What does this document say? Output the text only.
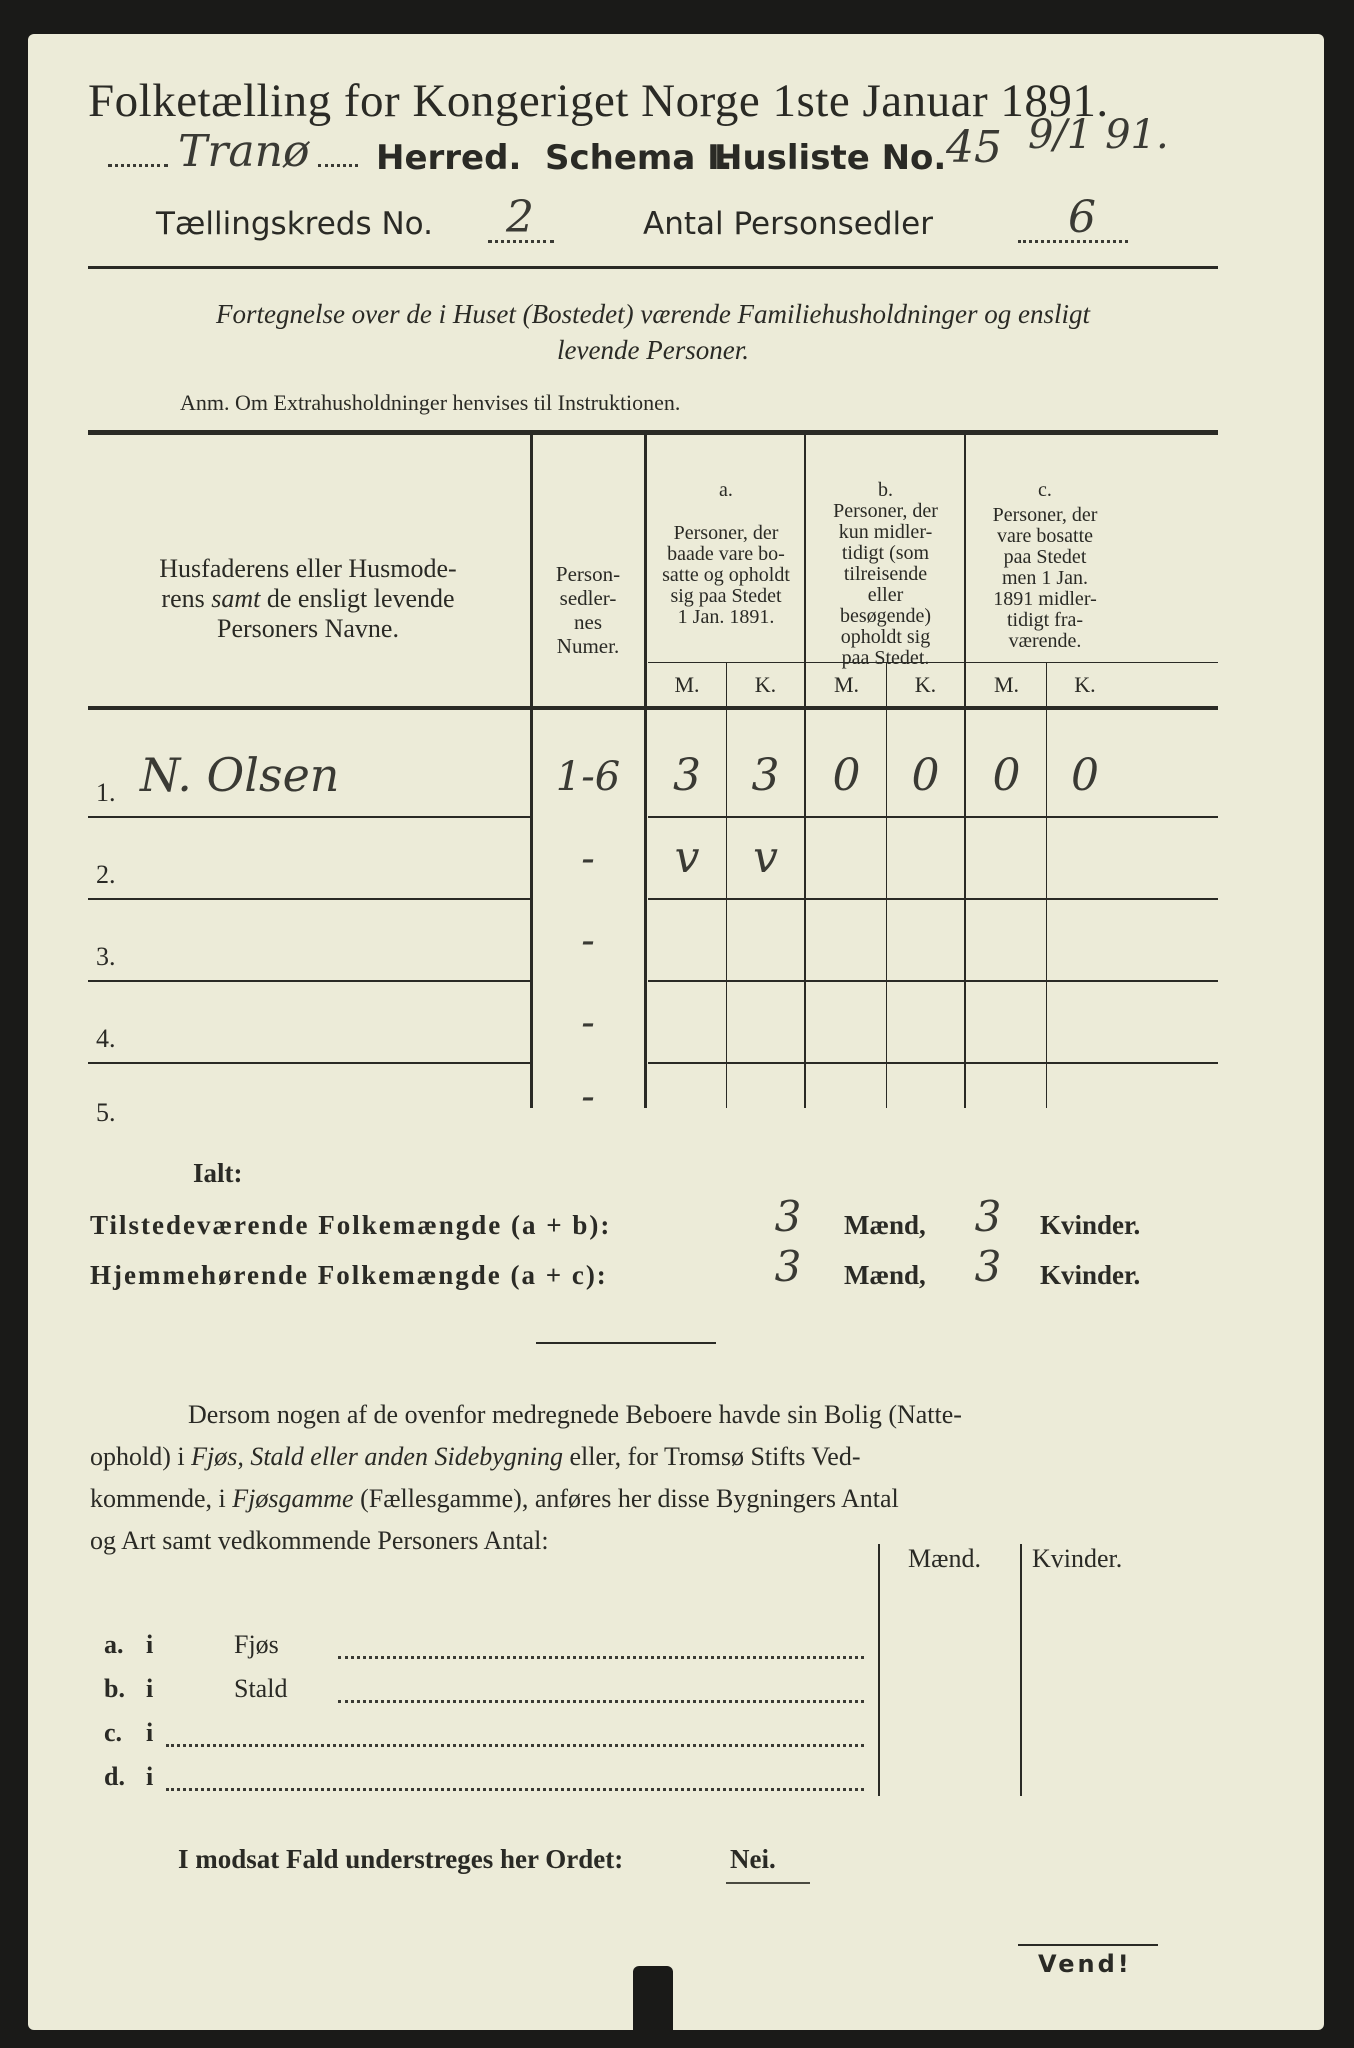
Folketælling for Kongeriget Norge 1ste Januar 1891.
Tranø Herred. Schema I.
Husliste No. 45 9/1 91.
Tællingskreds No. 2	Antal Personsedler	6
Fortegnelse over de i Huset (Bostedet) værende Familiehusholdninger og ensligt
levende Personer.
Anm. Om Extrahusholdninger henvises til Instruktionen.
Husfaderens eller Husmode-
rens samt de ensligt levende
Personers Navne.
Person-
sedler-
nes
Numer.
a.
Personer, der
baade vare bo-
satte og opholdt
sig paa Stedet
1 Jan. 1891.
b.
Personer, der
kun midler-
tidigt (som
tilreisende
eller
besøgende)
opholdt sig
paa Stedet.
c.
Personer, der
vare bosatte
paa Stedet
men 1 Jan.
1891 midler-
tidigt fra-
værende.
M.	K.	M.	K.	M.	K.
1. N. Olsen	1-6	3	3	0	0	0	0
2.	-	v	v
3.	-
4.	-
5.	-
Ialt:
Tilstedeværende Folkemængde (a + b):	3	Mænd,	3	Kvinder.
Hjemmehørende Folkemængde (a + c):	3	Mænd,	3	Kvinder.
Dersom nogen af de ovenfor medregnede Beboere havde sin Bolig (Natte-
ophold) i Fjøs, Stald eller anden Sidebygning eller, for Tromsø Stifts Ved-
kommende, i Fjøsgamme (Fællesgamme), anføres her disse Bygningers Antal
og Art samt vedkommende Personers Antal:
Mænd. Kvinder.
a. i	Fjøs
b. i	Stald
c. i
d. i
I modsat Fald understreges her Ordet:	Nei.
Vend!
